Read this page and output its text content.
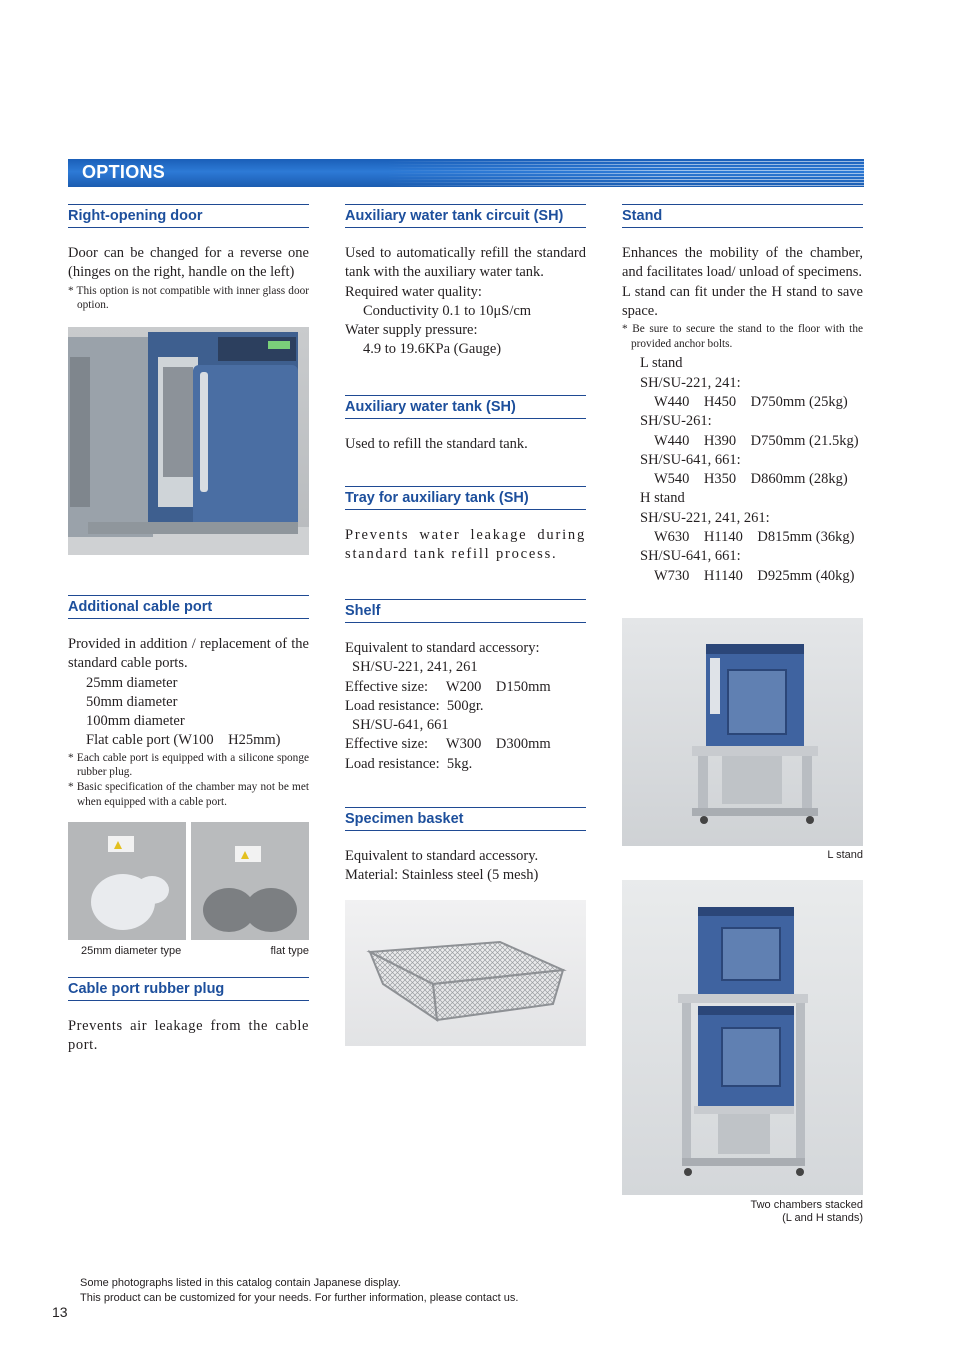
OPTIONS
Right-opening door

Door can be changed for a reverse one (hinges on the right, handle on the left)

* This option is not compatible with inner glass door option.

Additional cable port

Provided in addition / replacement of the standard cable ports.

25mm diameter

50mm diameter

100mm diameter

Flat cable port (W100　H25mm)

* Each cable port is equipped with a silicone sponge rubber plug.

* Basic specification of the chamber may not be met when equipped with a cable port.

25mm diameter type	flat type
Cable port rubber plug

Prevents air leakage from the cable port.

Auxiliary water tank circuit (SH)

Used to automatically refill the standard tank with the auxiliary water tank.

Required water quality:

Conductivity 0.1 to 10μS/cm

Water supply pressure:

4.9 to 19.6KPa (Gauge)

Auxiliary water tank (SH)

Used to refill the standard tank.

Tray for auxiliary tank (SH)

Prevents water leakage during standard tank refill process.

Shelf

Equivalent to standard accessory:

SH/SU-221, 241, 261

Effective size:  W200　D150mm

Load resistance: 500gr.

SH/SU-641, 661

Effective size:  W300　D300mm

Load resistance: 5kg.

Specimen basket

Equivalent to standard accessory.

Material: Stainless steel (5 mesh)

Stand

Enhances the mobility of the chamber, and facilitates load/ unload of specimens.

L stand can fit under the H stand to save space.

* Be sure to secure the stand to the floor with the provided anchor bolts.

L stand

SH/SU-221, 241:

W440　H450　D750mm (25kg)

SH/SU-261:

W440　H390　D750mm (21.5kg)

SH/SU-641, 661:

W540　H350　D860mm (28kg)

H stand

SH/SU-221, 241, 261:

W630　H1140　D815mm (36kg)

SH/SU-641, 661:

W730　H1140　D925mm (40kg)

L stand
Two chambers stacked
(L and H stands)
Some photographs listed in this catalog contain Japanese display.
This product can be customized for your needs. For further information, please contact us.
13
